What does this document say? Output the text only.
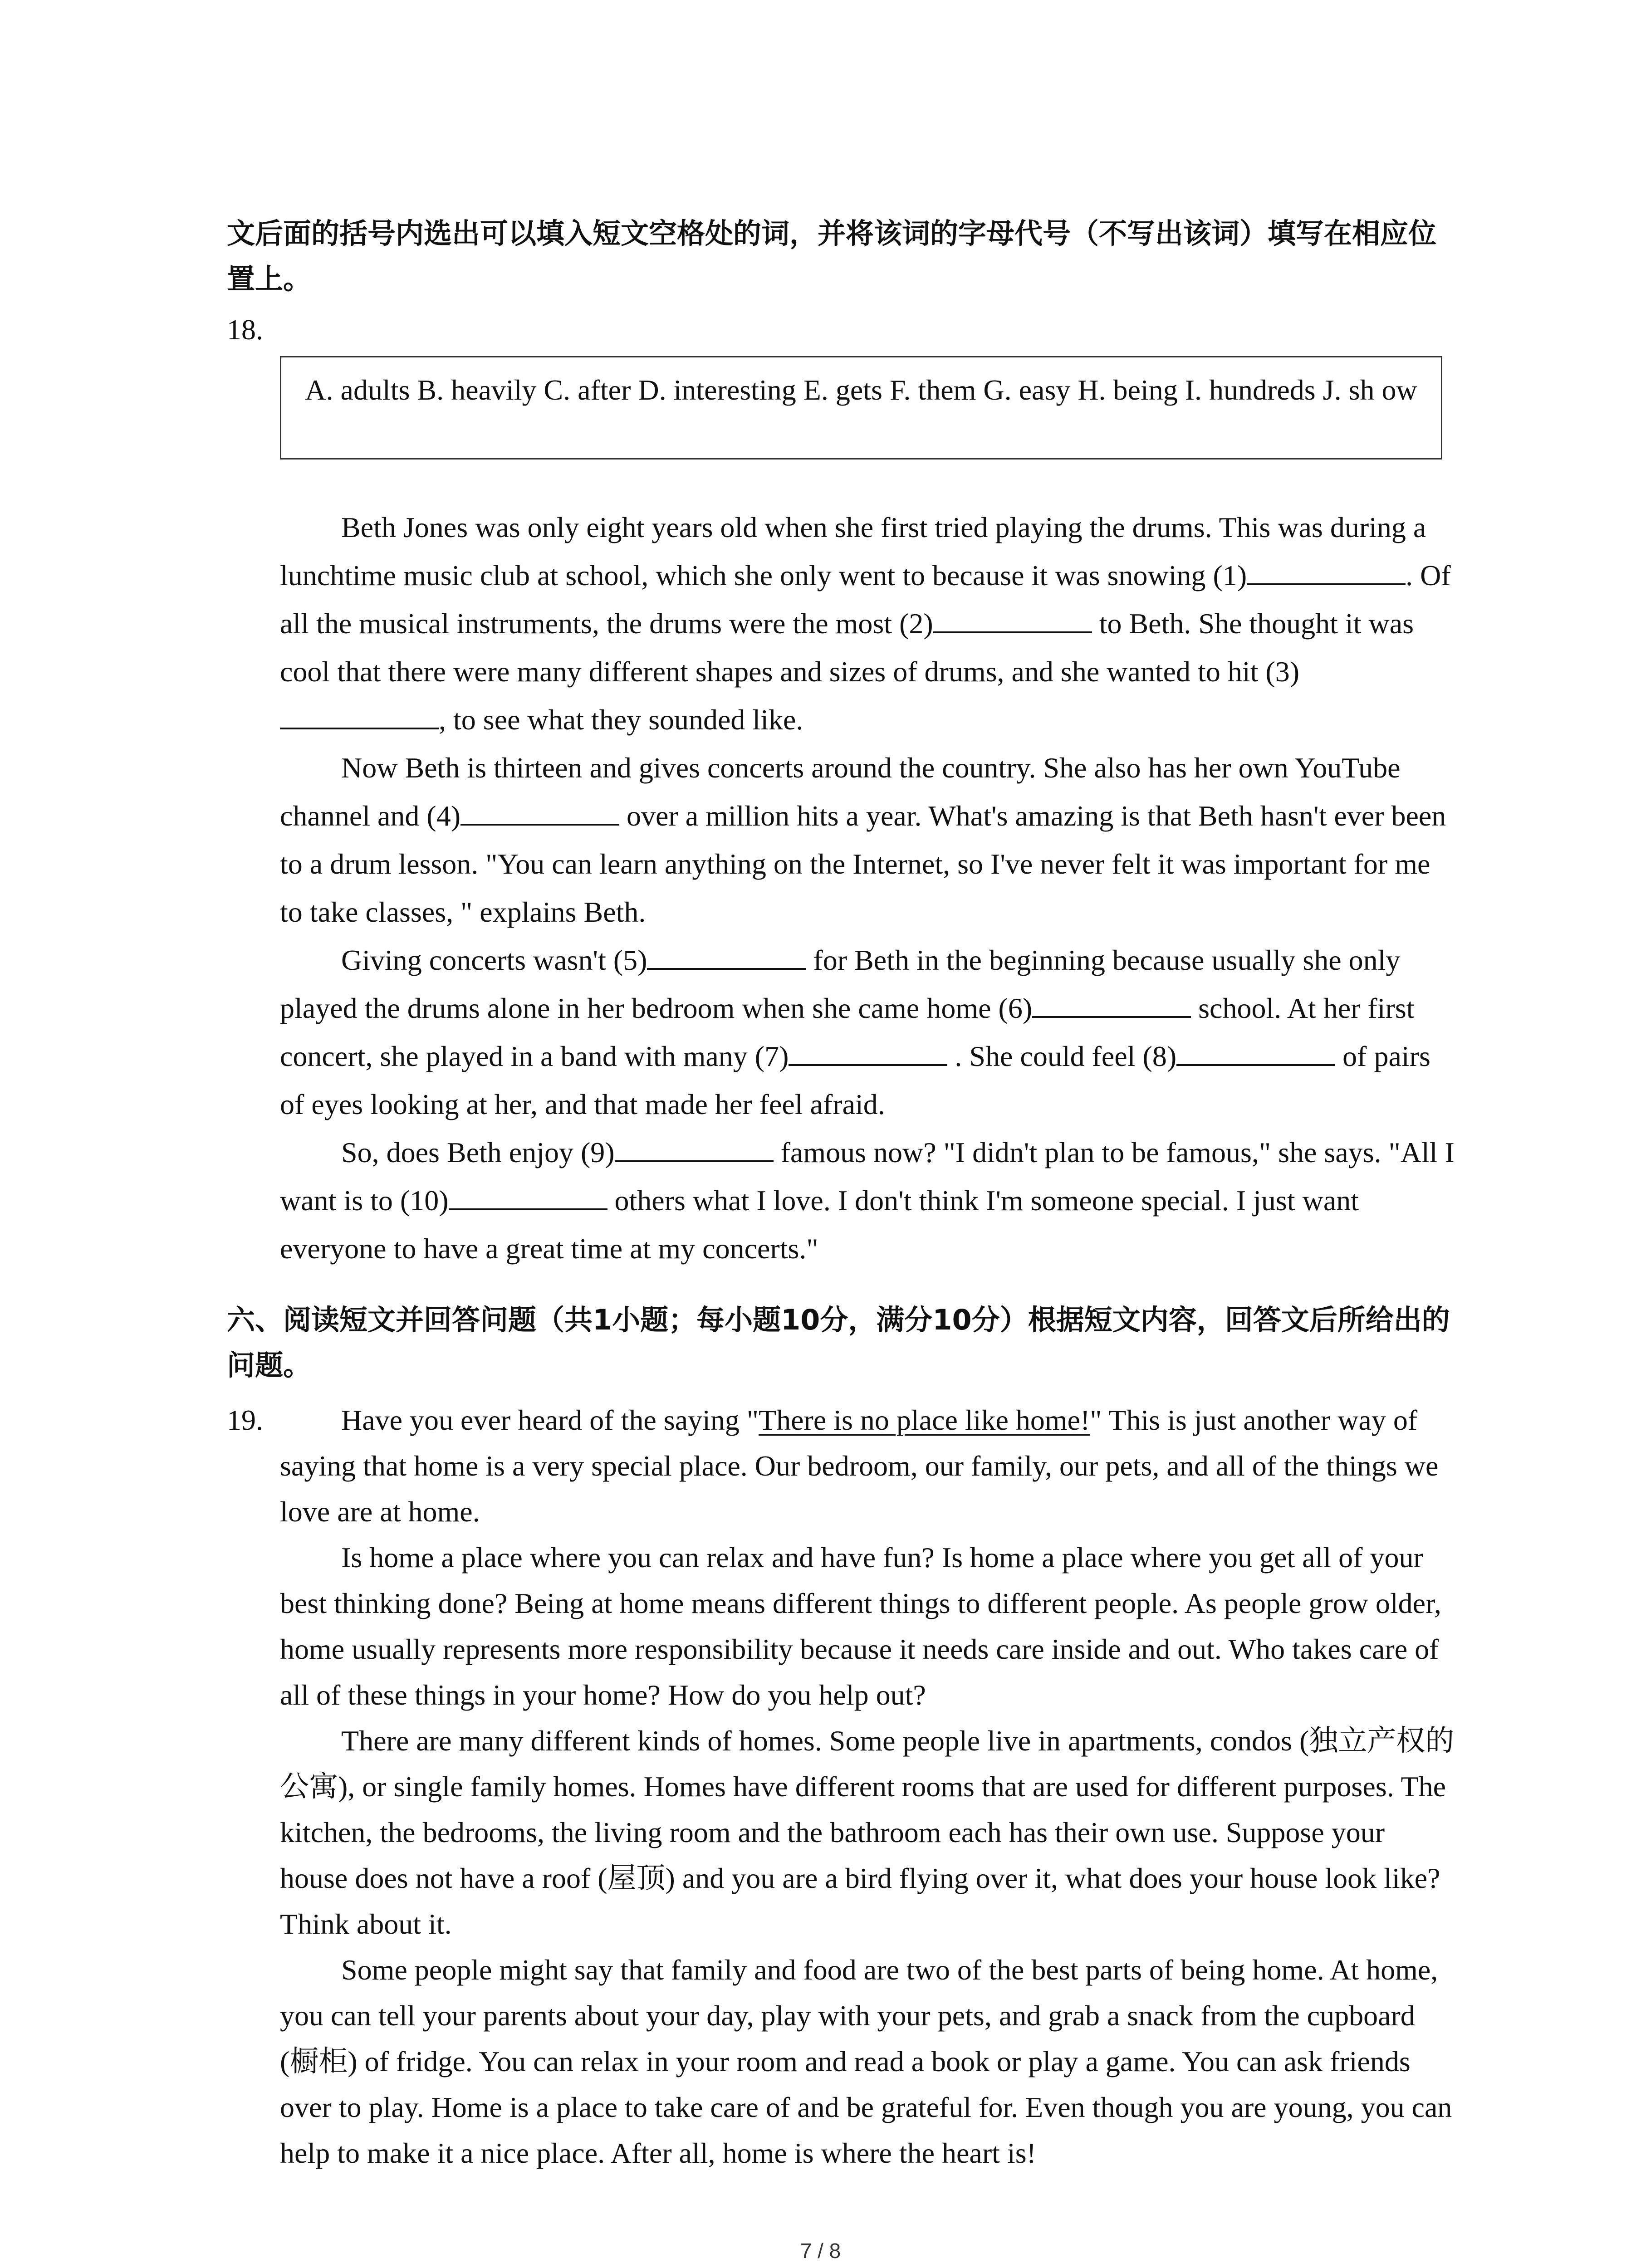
文后面的括号内选出可以填入短文空格处的词，并将该词的字母代号（不写出该词）填写在相应位置上。
18.
A. adults B. heavily C. after D. interesting E. gets F. them G. easy H. being I. hundreds J. sh ow

Beth Jones was only eight years old when she first tried playing the drums. This was during a lunchtime music club at school, which she only went to because it was snowing (1)	. Of all the musical instruments, the drums were the most (2)	to Beth. She thought it was cool that there were many different shapes and sizes of drums, and she wanted to hit (3), to see what they sounded like.

Now Beth is thirteen and gives concerts around the country. She also has her own YouTube channel and (4)	over a million hits a year. What's amazing is that Beth hasn't ever been to a drum lesson. "You can learn anything on the Internet, so I've never felt it was important for me to take classes, " explains Beth.

Giving concerts wasn't (5)	for Beth in the beginning because usually she only played the drums alone in her bedroom when she came home (6)	school. At her first concert, she played in a band with many (7)	. She could feel (8)	of pairs of eyes looking at her, and that made her feel afraid.

So, does Beth enjoy (9)	famous now? "I didn't plan to be famous," she says. "All I want is to (10)	others what I love. I don't think I'm someone special. I just want everyone to have a great time at my concerts."

六、阅读短文并回答问题（共1小题；每小题10分，满分10分）根据短文内容，回答文后所给出的问题。
19.	Have you ever heard of the saying "There is no place like home!" This is just another way of saying that home is a very special place. Our bedroom, our family, our pets, and all of the things we love are at home.

Is home a place where you can relax and have fun? Is home a place where you get all of your best thinking done? Being at home means different things to different people. As people grow older, home usually represents more responsibility because it needs care inside and out. Who takes care of all of these things in your home? How do you help out?

There are many different kinds of homes. Some people live in apartments, condos (独立产权的公寓), or single family homes. Homes have different rooms that are used for different purposes. The kitchen, the bedrooms, the living room and the bathroom each has their own use. Suppose your house does not have a roof (屋顶) and you are a bird flying over it, what does your house look like? Think about it.

Some people might say that family and food are two of the best parts of being home. At home, you can tell your parents about your day, play with your pets, and grab a snack from the cupboard (橱柜) of fridge. You can relax in your room and read a book or play a game. You can ask friends over to play. Home is a place to take care of and be grateful for. Even though you are young, you can help to make it a nice place. After all, home is where the heart is!

7 / 8
